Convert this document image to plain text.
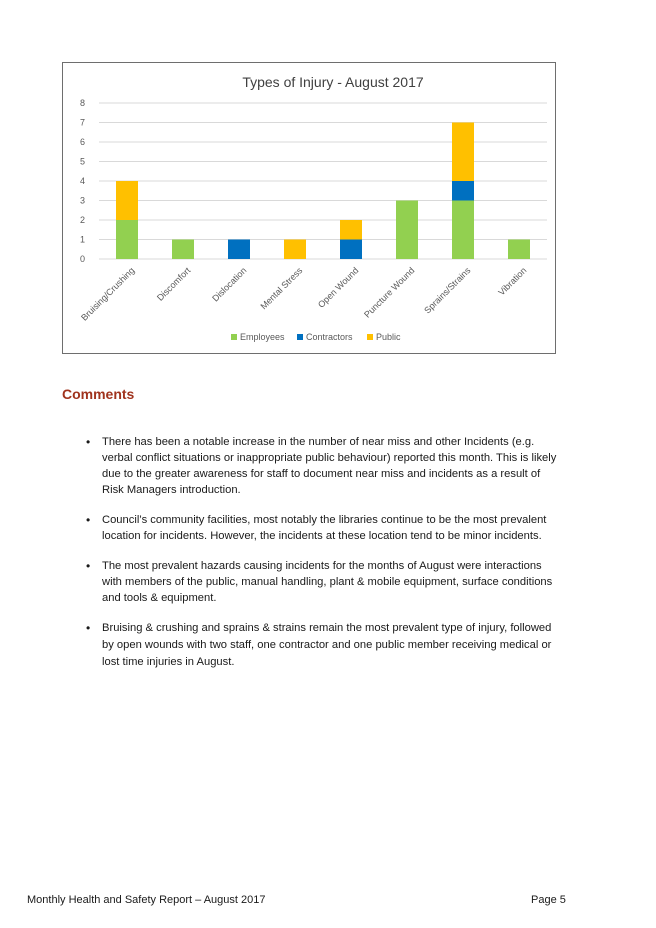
Types of Injury - August 2017
0
1
2
3
4
5
6
7
8
Bruising/Crushing Discomfort Dislocation Mental Stress Open Wound Puncture Wound Sprains/Strains	Vibration
Employees Contractors	Public
Comments
• There has been a notable increase in the number of near miss and other Incidents (e.g. verbal conflict situations or inappropriate public behaviour) reported this month. This is likely due to the greater awareness for staff to document near miss and incidents as a result of Risk Managers introduction.
• Council’s community facilities, most notably the libraries continue to be the most prevalent location for incidents. However, the incidents at these location tend to be minor incidents.
• The most prevalent hazards causing incidents for the months of August were interactions with members of the public, manual handling, plant & mobile equipment, surface conditions and tools & equipment.
• Bruising & crushing and sprains & strains remain the most prevalent type of injury, followed by open wounds with two staff, one contractor and one public member receiving medical or lost time injuries in August.
Monthly Health and Safety Report – August 2017	Page 5
